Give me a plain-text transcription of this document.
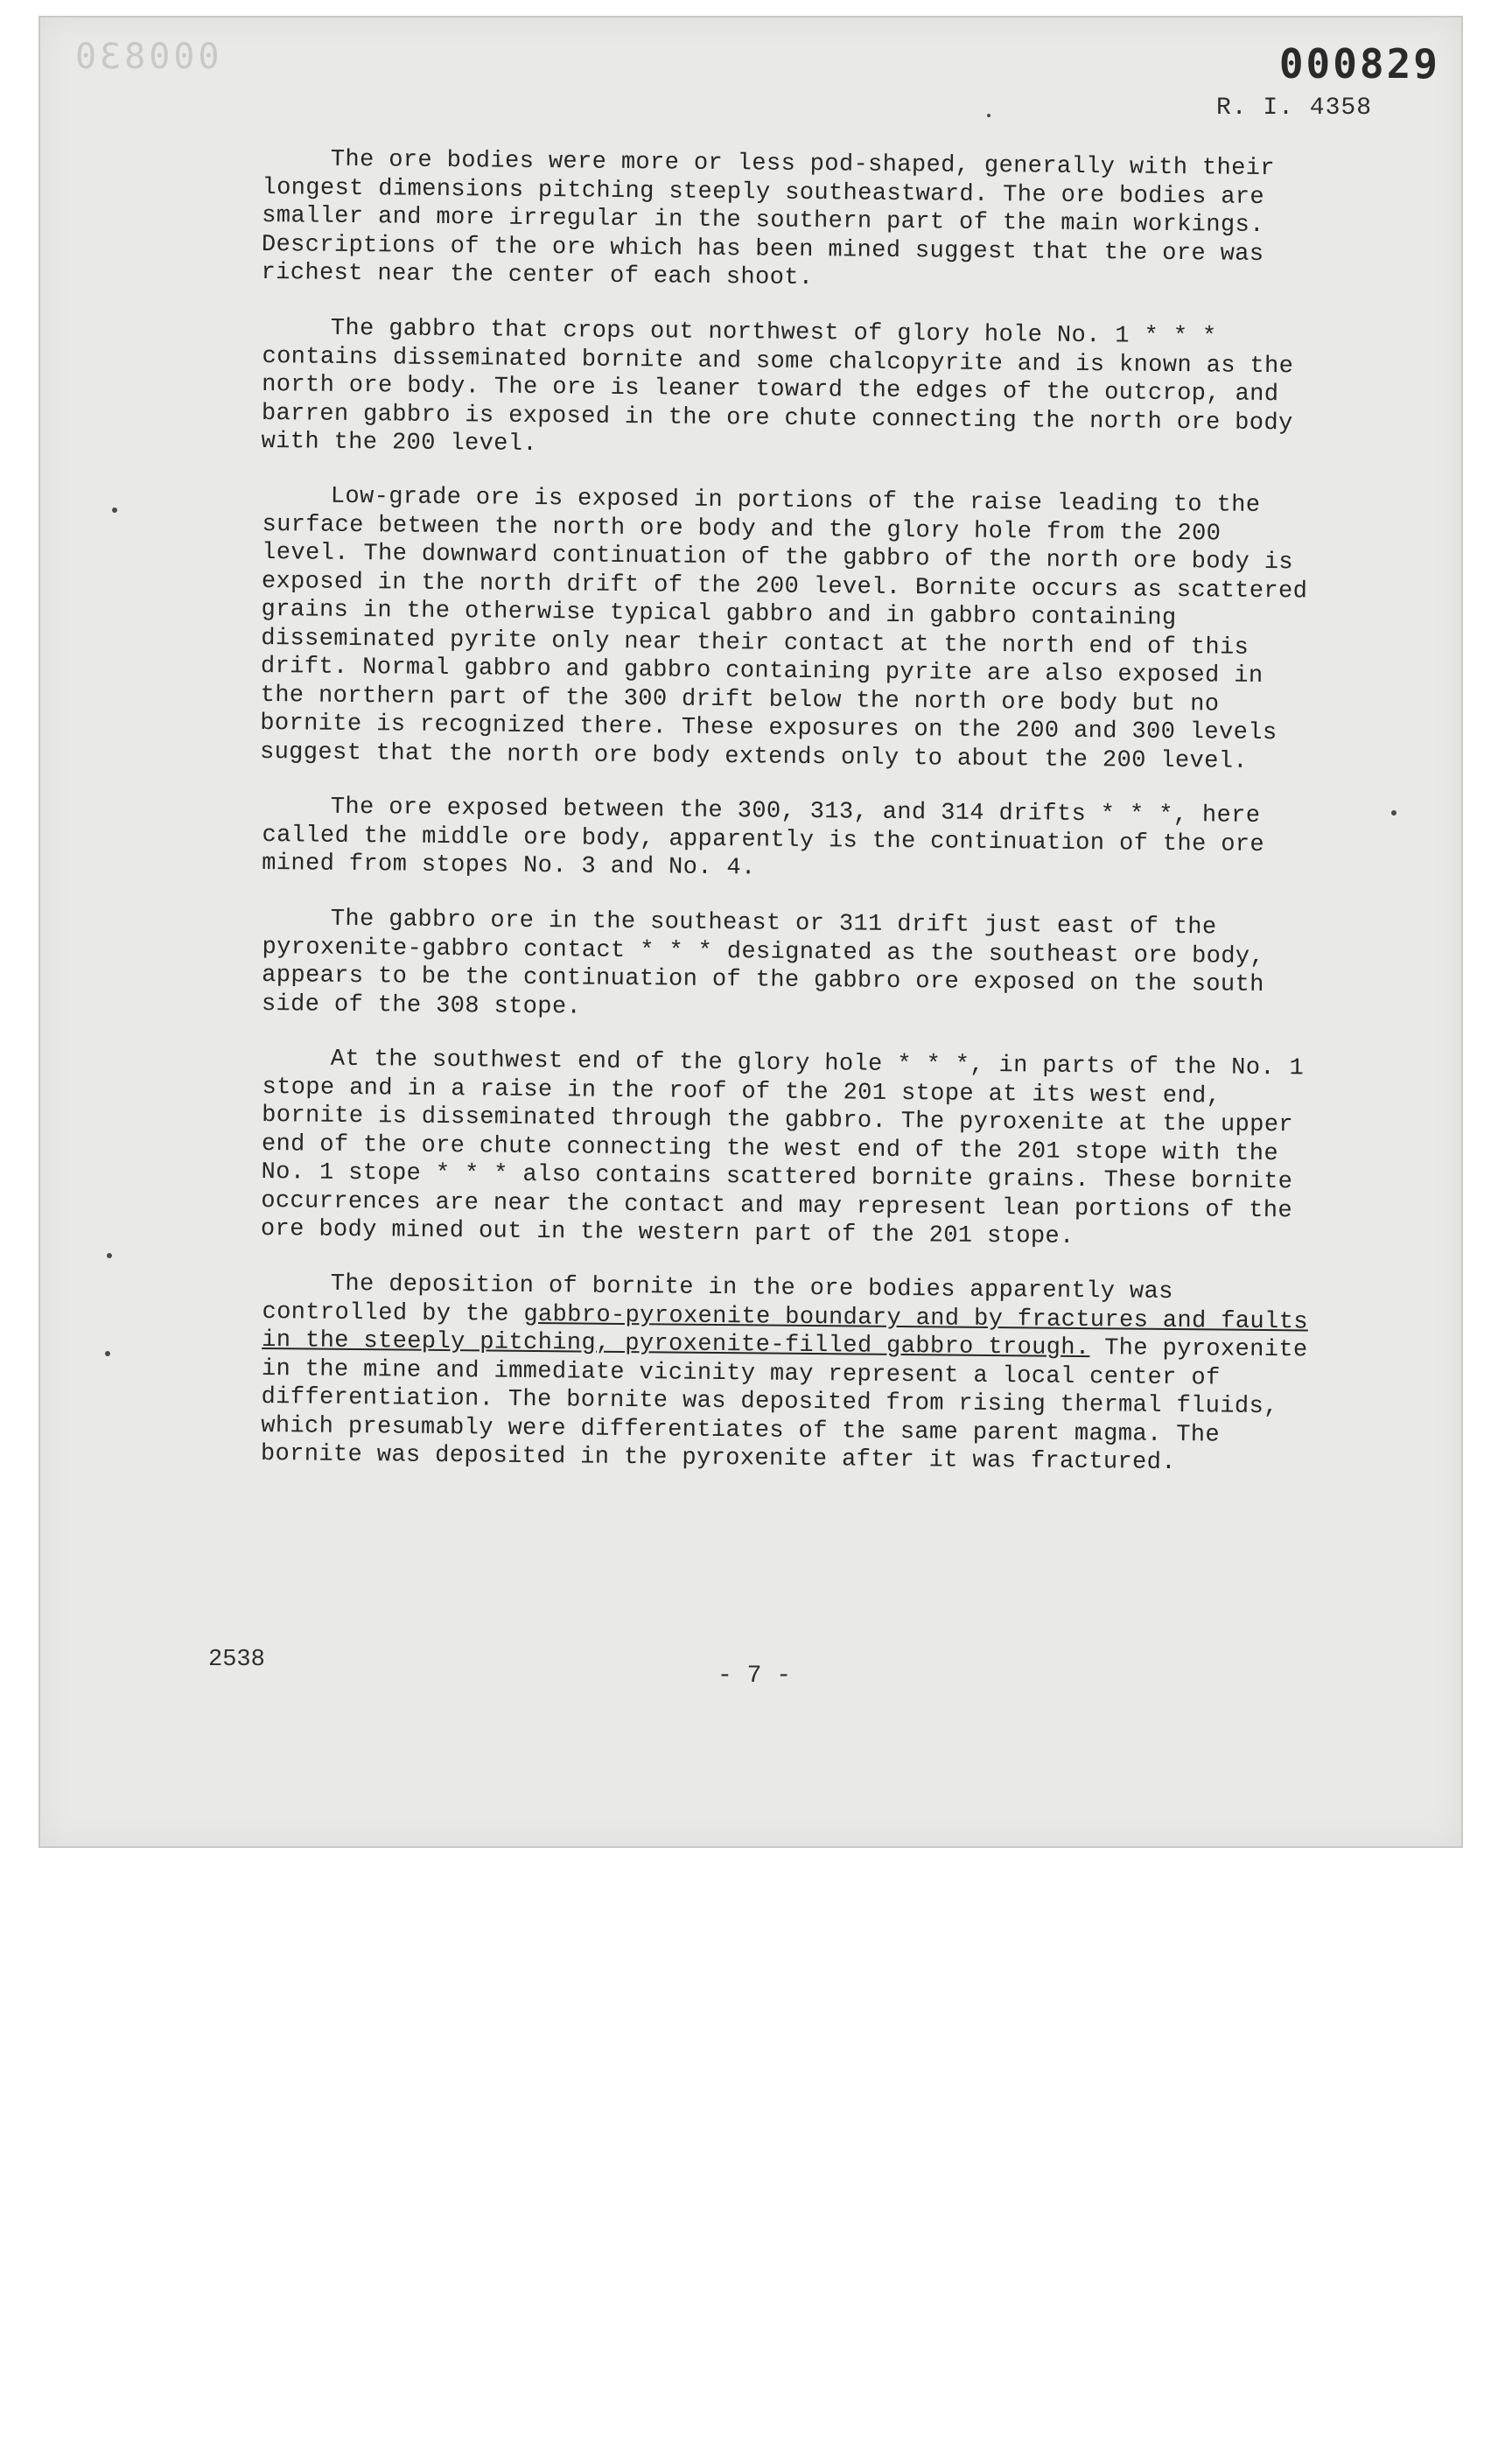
000830	000829
R. I. 4358

The ore bodies were more or less pod-shaped, generally with their longest dimensions pitching steeply southeastward. The ore bodies are smaller and more irregular in the southern part of the main workings. Descriptions of the ore which has been mined suggest that the ore was richest near the center of each shoot.

The gabbro that crops out northwest of glory hole No. 1 * * * contains disseminated bornite and some chalcopyrite and is known as the north ore body. The ore is leaner toward the edges of the outcrop, and barren gabbro is exposed in the ore chute connecting the north ore body with the 200 level.

Low-grade ore is exposed in portions of the raise leading to the surface between the north ore body and the glory hole from the 200 level. The downward continuation of the gabbro of the north ore body is exposed in the north drift of the 200 level. Bornite occurs as scattered grains in the otherwise typical gabbro and in gabbro containing disseminated pyrite only near their contact at the north end of this drift. Normal gabbro and gabbro containing pyrite are also exposed in the northern part of the 300 drift below the north ore body but no bornite is recognized there. These exposures on the 200 and 300 levels suggest that the north ore body extends only to about the 200 level.

The ore exposed between the 300, 313, and 314 drifts * * *, here called the middle ore body, apparently is the continuation of the ore mined from stopes No. 3 and No. 4.

The gabbro ore in the southeast or 311 drift just east of the pyroxenite-gabbro contact * * * designated as the southeast ore body, appears to be the continuation of the gabbro ore exposed on the south side of the 308 stope.

At the southwest end of the glory hole * * *, in parts of the No. 1 stope and in a raise in the roof of the 201 stope at its west end, bornite is disseminated through the gabbro. The pyroxenite at the upper end of the ore chute connecting the west end of the 201 stope with the No. 1 stope * * * also contains scattered bornite grains. These bornite occurrences are near the contact and may represent lean portions of the ore body mined out in the western part of the 201 stope.

The deposition of bornite in the ore bodies apparently was controlled by the gabbro-pyroxenite boundary and by fractures and faults in the steeply pitching, pyroxenite-filled gabbro trough. The pyroxenite in the mine and immediate vicinity may represent a local center of differentiation. The bornite was deposited from rising thermal fluids, which presumably were differentiates of the same parent magma. The bornite was deposited in the pyroxenite after it was fractured.

2538
- 7 -
